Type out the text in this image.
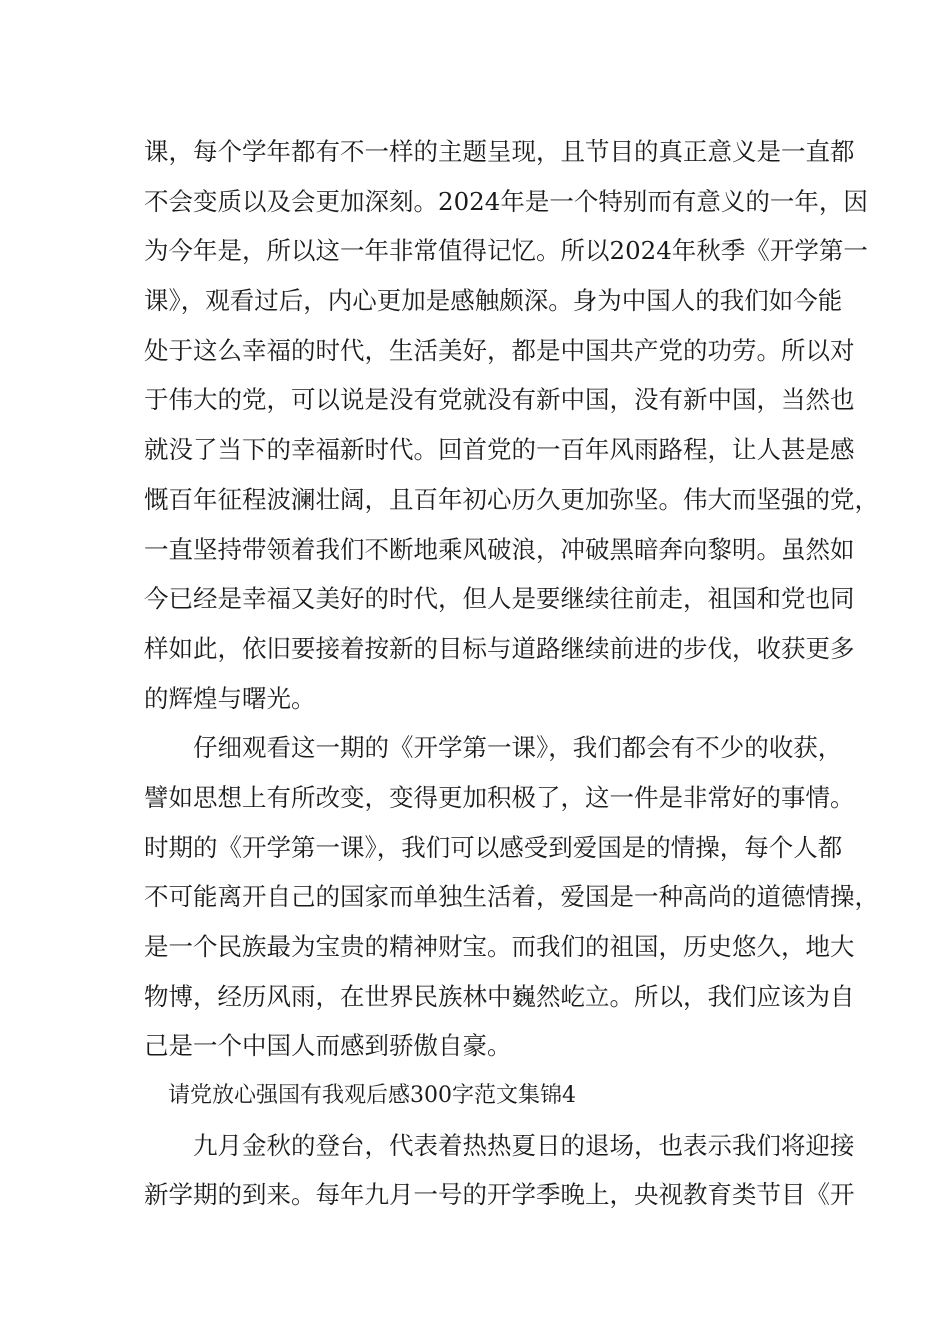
课，每个学年都有不一样的主题呈现，且节目的真正意义是一直都
不会变质以及会更加深刻。2024年是一个特别而有意义的一年，因
为今年是，所以这一年非常值得记忆。所以2024年秋季《开学第一
课》，观看过后，内心更加是感触颇深。身为中国人的我们如今能
处于这么幸福的时代，生活美好，都是中国共产党的功劳。所以对
于伟大的党，可以说是没有党就没有新中国，没有新中国，当然也
就没了当下的幸福新时代。回首党的一百年风雨路程，让人甚是感
慨百年征程波澜壮阔，且百年初心历久更加弥坚。伟大而坚强的党，
一直坚持带领着我们不断地乘风破浪，冲破黑暗奔向黎明。虽然如
今已经是幸福又美好的时代，但人是要继续往前走，祖国和党也同
样如此，依旧要接着按新的目标与道路继续前进的步伐，收获更多
的辉煌与曙光。
仔细观看这一期的《开学第一课》，我们都会有不少的收获，
譬如思想上有所改变，变得更加积极了，这一件是非常好的事情。
时期的《开学第一课》，我们可以感受到爱国是的情操，每个人都
不可能离开自己的国家而单独生活着，爱国是一种高尚的道德情操，
是一个民族最为宝贵的精神财宝。而我们的祖国，历史悠久，地大
物博，经历风雨，在世界民族林中巍然屹立。所以，我们应该为自
己是一个中国人而感到骄傲自豪。
请党放心强国有我观后感300字范文集锦4
九月金秋的登台，代表着热热夏日的退场，也表示我们将迎接
新学期的到来。每年九月一号的开学季晚上，央视教育类节目《开
